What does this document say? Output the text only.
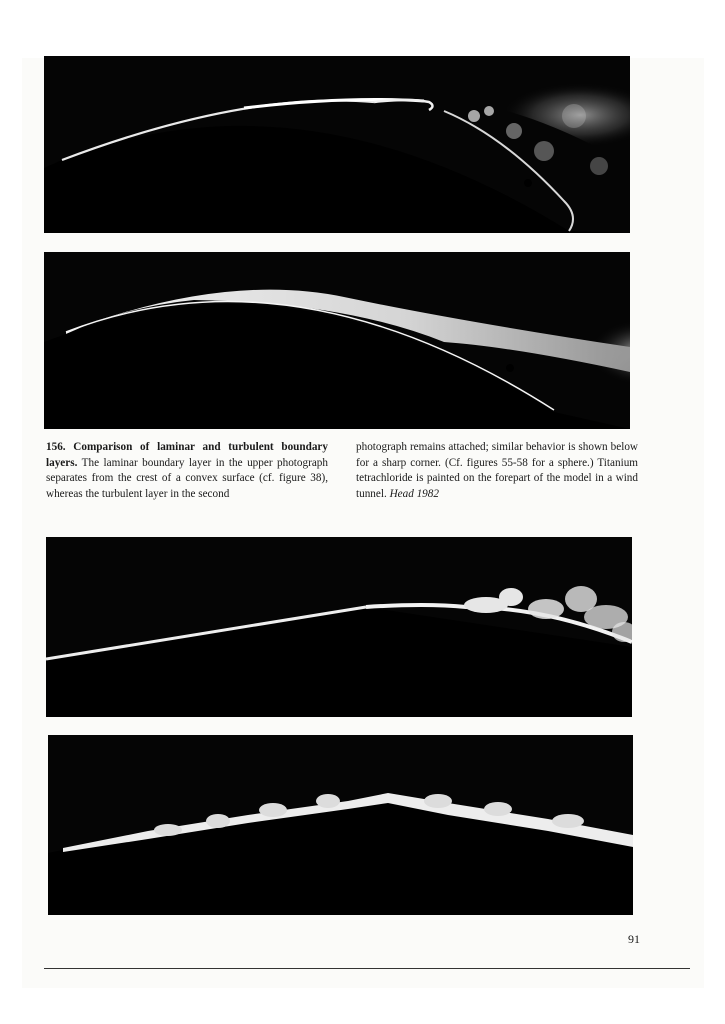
156. Comparison of laminar and turbulent boundary layers. The laminar boundary layer in the upper photograph separates from the crest of a convex surface (cf. figure 38), whereas the turbulent layer in the second
photograph remains attached; similar behavior is shown below for a sharp corner. (Cf. figures 55-58 for a sphere.) Titanium tetrachloride is painted on the forepart of the model in a wind tunnel. Head 1982
91
